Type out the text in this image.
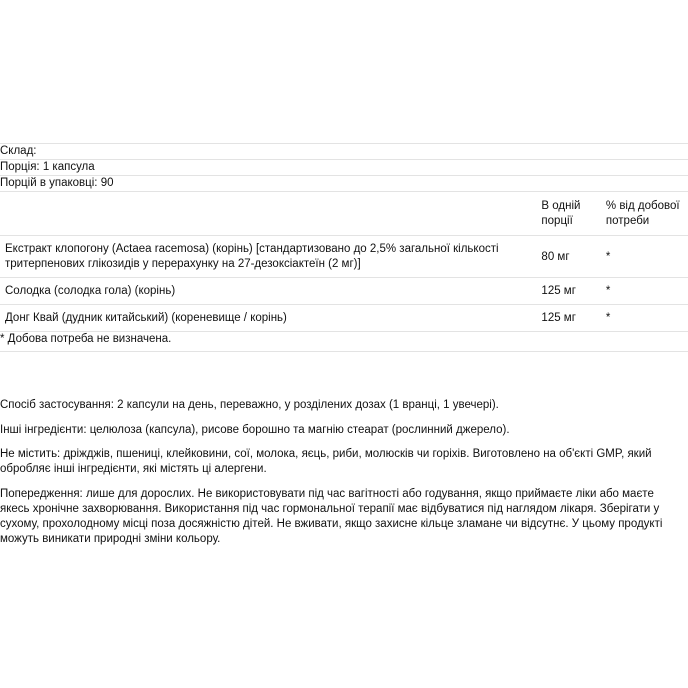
Склад:		
Порція: 1 капсула		
Порцій в упаковці: 90		
	В одній порції	% від добової потреби
Екстракт клопогону (Actaea racemosa) (корінь) [стандартизовано до 2,5% загальної кількості тритерпенових глікозидів у перерахунку на 27-дезоксіактеїн (2 мг)]	80 мг	*
Солодка (солодка гола) (корінь)	125 мг	*
Донг Квай (дудник китайський) (кореневище / корінь)	125 мг	*
* Добова потреба не визначена.		

Спосіб застосування: 2 капсули на день, переважно, у розділених дозах (1 вранці, 1 увечері).

Інші інгредієнти: целюлоза (капсула), рисове борошно та магнію стеарат (рослинний джерело).

Не містить: дріжджів, пшениці, клейковини, сої, молока, яєць, риби, молюсків чи горіхів. Виготовлено на об'єкті GMP, який обробляє інші інгредієнти, які містять ці алергени.

Попередження: лише для дорослих. Не використовувати під час вагітності або годування, якщо приймаєте ліки або маєте якесь хронічне захворювання. Використання під час гормональної терапії має відбуватися під наглядом лікаря. Зберігати у сухому, прохолодному місці поза досяжністю дітей. Не вживати, якщо захисне кільце зламане чи відсутнє. У цьому продукті можуть виникати природні зміни кольору.
